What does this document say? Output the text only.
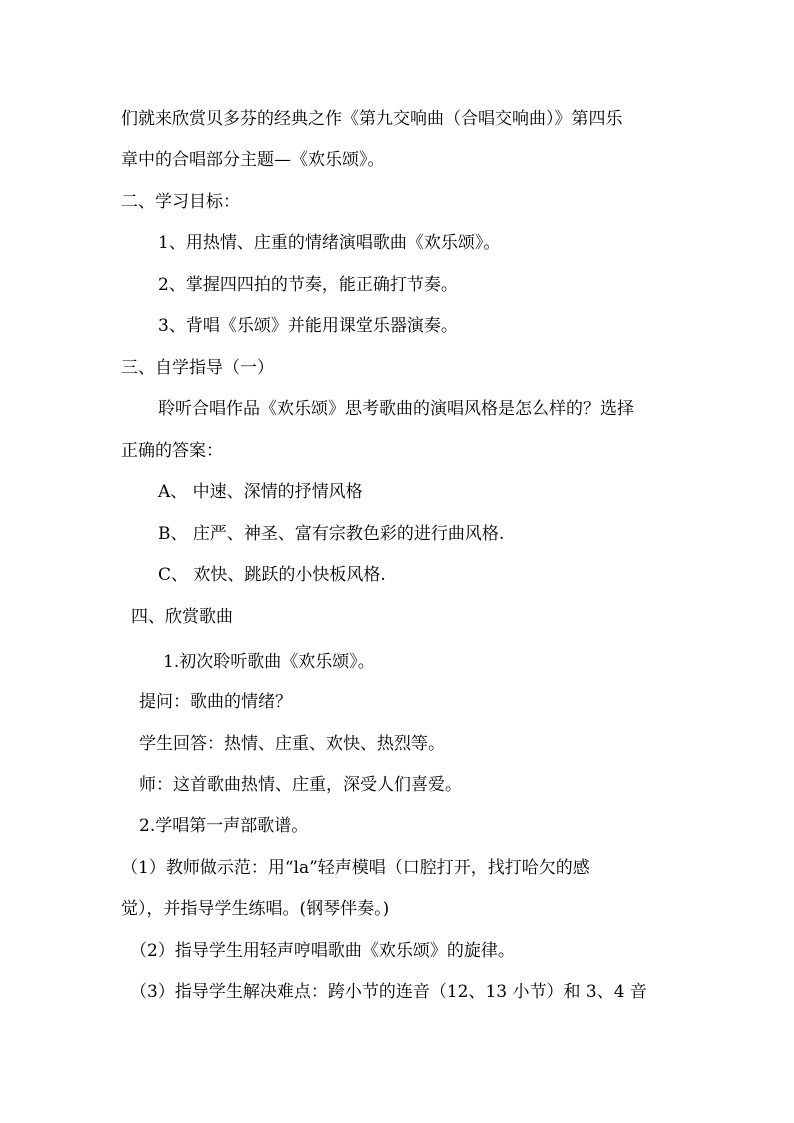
们就来欣赏贝多芬的经典之作《第九交响曲（合唱交响曲）》第四乐
章中的合唱部分主题—《欢乐颂》。
二、学习目标：
1、用热情、庄重的情绪演唱歌曲《欢乐颂》。
2、掌握四四拍的节奏，能正确打节奏。
3、背唱《乐颂》并能用课堂乐器演奏。
三、自学指导（一）
聆听合唱作品《欢乐颂》思考歌曲的演唱风格是怎么样的？选择
正确的答案：
A、 中速、深情的抒情风格
B、 庄严、神圣、富有宗教色彩的进行曲风格.
C、 欢快、跳跃的小快板风格.
四、欣赏歌曲
1.初次聆听歌曲《欢乐颂》。
提问：歌曲的情绪？
学生回答：热情、庄重、欢快、热烈等。
师：这首歌曲热情、庄重，深受人们喜爱。
2.学唱第一声部歌谱。
（1）教师做示范：用“la”轻声模唱（口腔打开，找打哈欠的感
觉），并指导学生练唱。(钢琴伴奏。)
（2）指导学生用轻声哼唱歌曲《欢乐颂》的旋律。
（3）指导学生解决难点：跨小节的连音（12、13 小节）和 3、4 音
